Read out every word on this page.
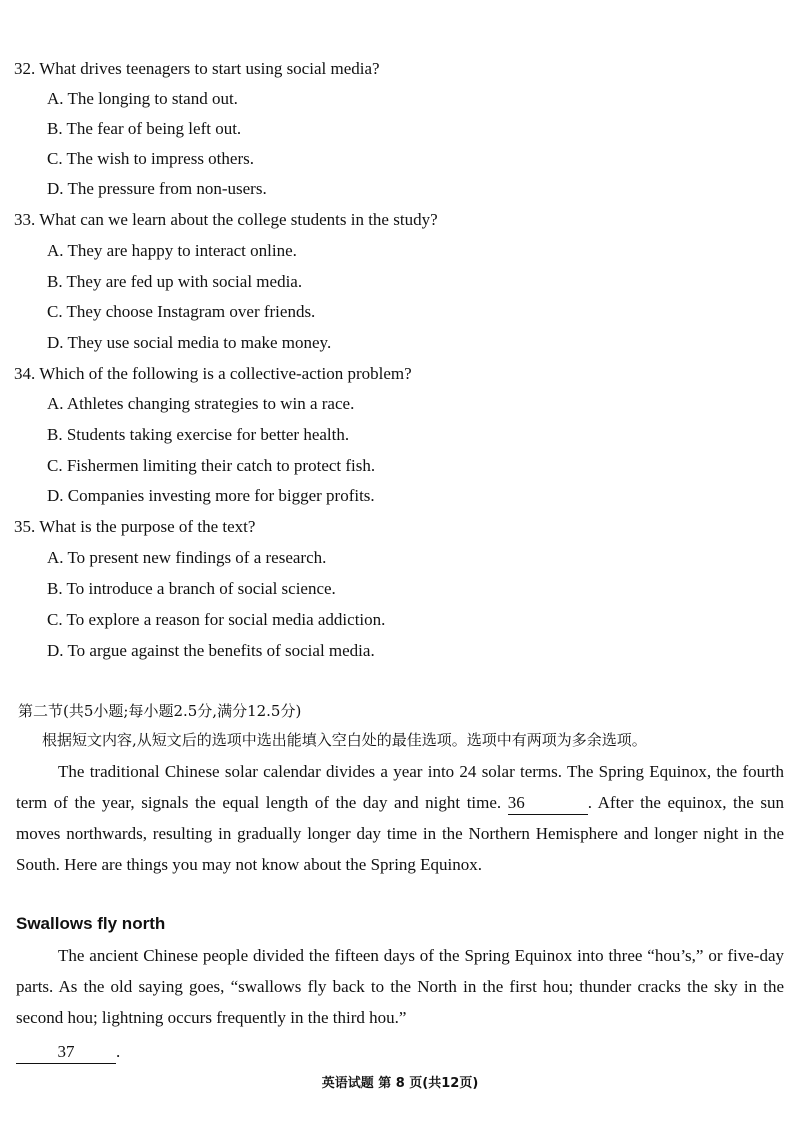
32. What drives teenagers to start using social media?
A. The longing to stand out.
B. The fear of being left out.
C. The wish to impress others.
D. The pressure from non-users.
33. What can we learn about the college students in the study?
A. They are happy to interact online.
B. They are fed up with social media.
C. They choose Instagram over friends.
D. They use social media to make money.
34. Which of the following is a collective-action problem?
A. Athletes changing strategies to win a race.
B. Students taking exercise for better health.
C. Fishermen limiting their catch to protect fish.
D. Companies investing more for bigger profits.
35. What is the purpose of the text?
A. To present new findings of a research.
B. To introduce a branch of social science.
C. To explore a reason for social media addiction.
D. To argue against the benefits of social media.
第二节(共5小题;每小题2.5分,满分12.5分)
根据短文内容,从短文后的选项中选出能填入空白处的最佳选项。选项中有两项为多余选项。
The traditional Chinese solar calendar divides a year into 24 solar terms. The Spring Equinox, the fourth term of the year, signals the equal length of the day and night time. 36	. After the equinox, the sun moves northwards, resulting in gradually longer day time in the Northern Hemisphere and longer night in the South. Here are things you may not know about the Spring Equinox.
Swallows fly north
The ancient Chinese people divided the fifteen days of the Spring Equinox into three “hou’s,” or five-day parts. As the old saying goes, “swallows fly back to the North in the first hou; thunder cracks the sky in the second hou; lightning occurs frequently in the third hou.”
37 .
英语试题 第 8 页(共12页)
